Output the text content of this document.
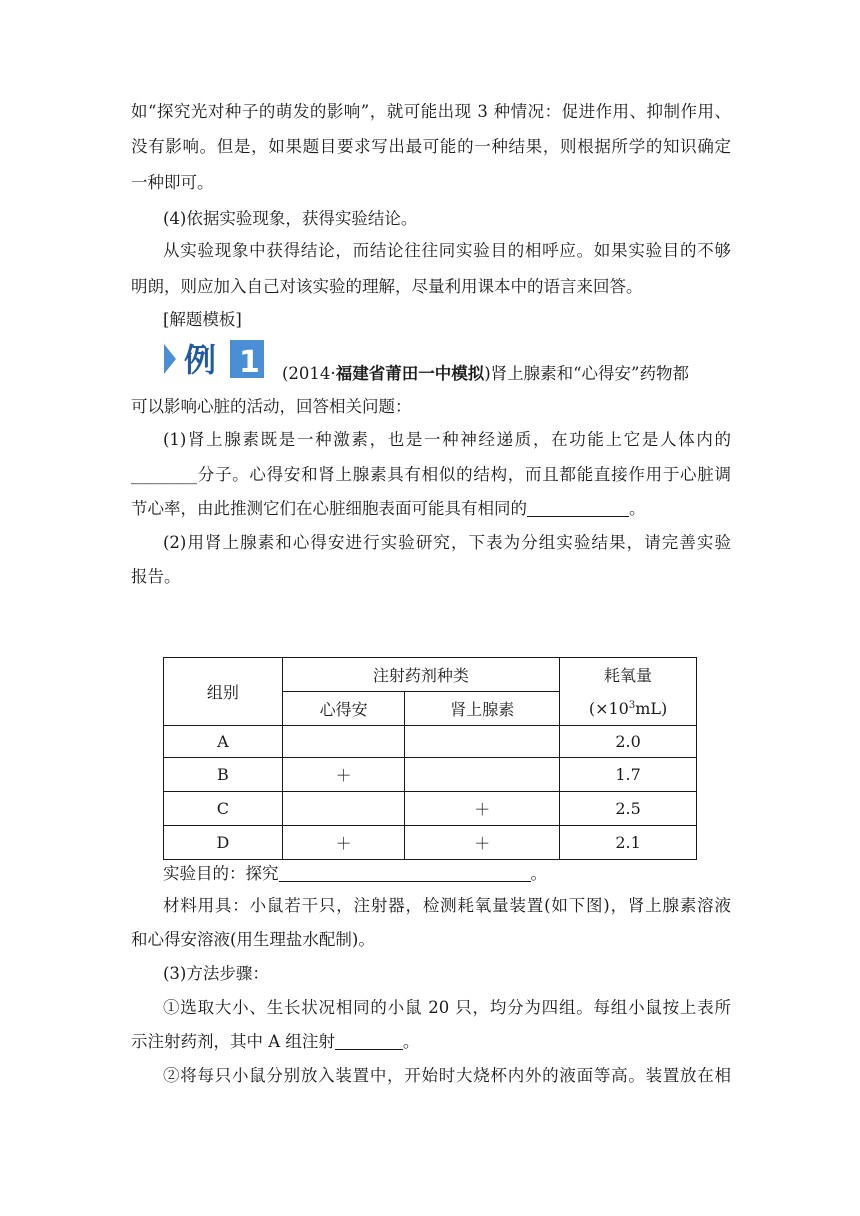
如“探究光对种子的萌发的影响”，就可能出现 3 种情况：促进作用、抑制作用、
没有影响。但是，如果题目要求写出最可能的一种结果，则根据所学的知识确定
一种即可。
(4)依据实验现象，获得实验结论。
从实验现象中获得结论，而结论往往同实验目的相呼应。如果实验目的不够
明朗，则应加入自己对该实验的理解，尽量利用课本中的语言来回答。
[解题模板]
例 1 (2014·福建省莆田一中模拟)肾上腺素和“心得安”药物都
可以影响心脏的活动，回答相关问题：
(1)肾上腺素既是一种激素，也是一种神经递质，在功能上它是人体内的
________分子。心得安和肾上腺素具有相似的结构，而且都能直接作用于心脏调
节心率，由此推测它们在心脏细胞表面可能具有相同的	。
(2)用肾上腺素和心得安进行实验研究，下表为分组实验结果，请完善实验
报告。
组别	注射药剂种类		耗氧量
	心得安	肾上腺素	$(\times 10^3mL)$
A			2.0
B	＋		1.7
C		＋	2.5
D	＋	＋	2.1
实验目的：探究	。
材料用具：小鼠若干只，注射器，检测耗氧量装置(如下图)，肾上腺素溶液
和心得安溶液(用生理盐水配制)。
(3)方法步骤：
①选取大小、生长状况相同的小鼠 20 只，均分为四组。每组小鼠按上表所
示注射药剂，其中 A 组注射	。
②将每只小鼠分别放入装置中，开始时大烧杯内外的液面等高。装置放在相
